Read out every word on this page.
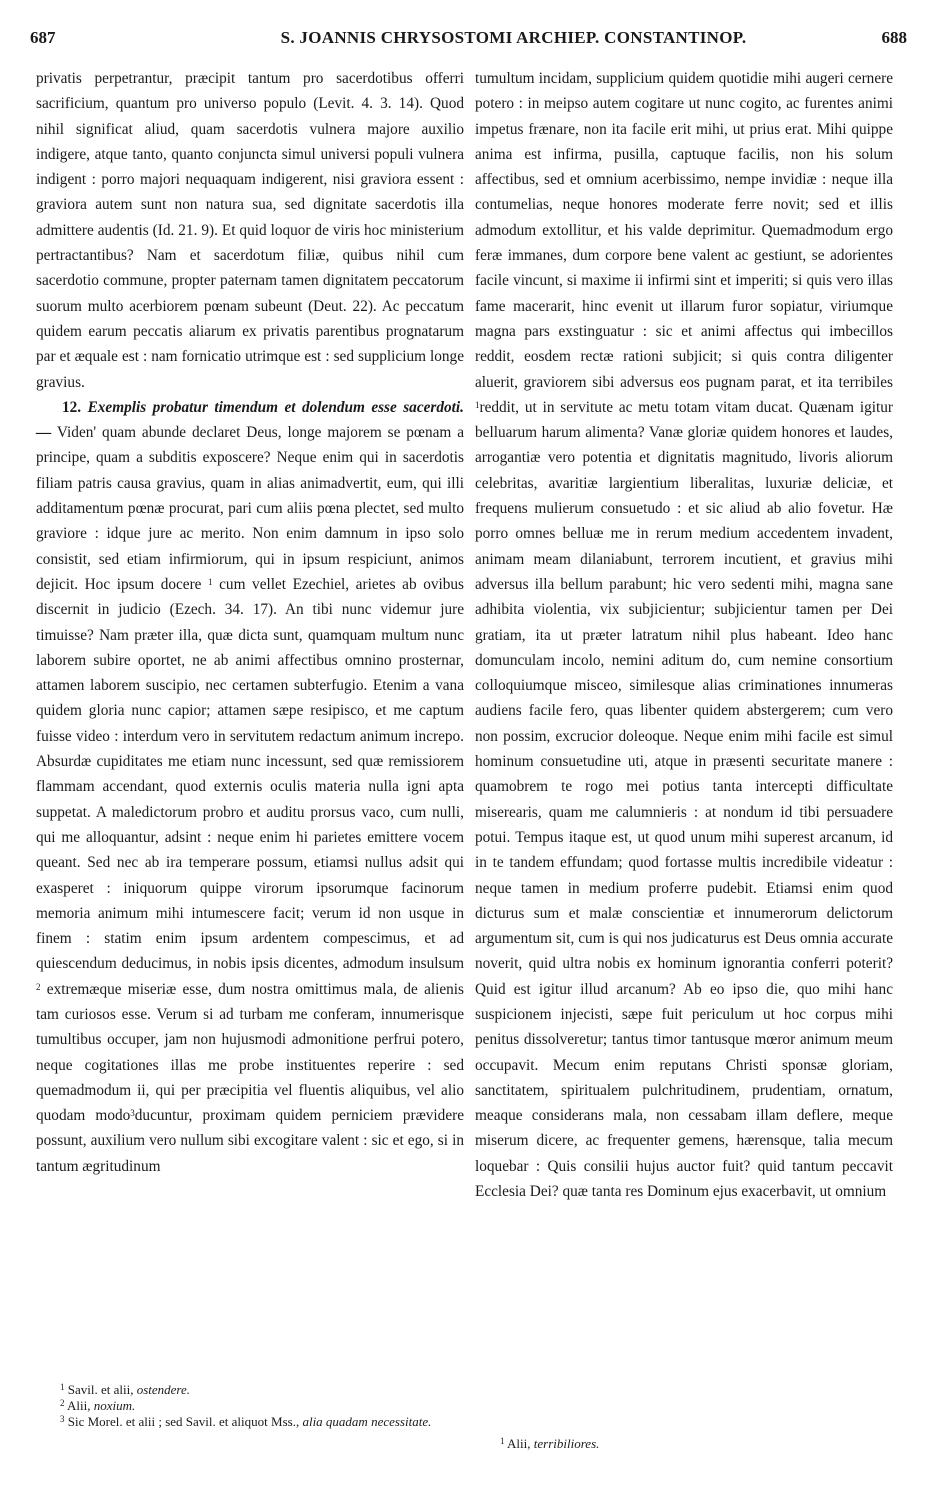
687	S. JOANNIS CHRYSOSTOMI ARCHIEP. CONSTANTINOP.	688

privatis perpetrantur, præcipit tantum pro sacerdotibus offerri sacrificium, quantum pro universo populo (Levit. 4. 3. 14). Quod nihil significat aliud, quam sacerdotis vulnera majore auxilio indigere, atque tanto, quanto conjuncta simul universi populi vulnera indigent : porro majori nequaquam indigerent, nisi graviora essent : graviora autem sunt non natura sua, sed dignitate sacerdotis illa admittere audentis (Id. 21. 9). Et quid loquor de viris hoc ministerium pertractantibus? Nam et sacerdotum filiæ, quibus nihil cum sacerdotio commune, propter paternam tamen dignitatem peccatorum suorum multo acerbiorem pœnam subeunt (Deut. 22). Ac peccatum quidem earum peccatis aliarum ex privatis parentibus prognatarum par et æquale est : nam fornicatio utrimque est : sed supplicium longe gravius.

12. Exemplis probatur timendum et dolendum esse sacerdoti. — Viden' quam abunde declaret Deus, longe majorem se pœnam a principe, quam a subditis exposcere? Neque enim qui in sacerdotis filiam patris causa gravius, quam in alias animadvertit, eum, qui illi additamentum pœnæ procurat, pari cum aliis pœna plectet, sed multo graviore : idque jure ac merito. Non enim damnum in ipso solo consistit, sed etiam infirmiorum, qui in ipsum respiciunt, animos dejicit. Hoc ipsum docere $^1$ cum vellet Ezechiel, arietes ab ovibus discernit in judicio (Ezech. 34. 17). An tibi nunc videmur jure timuisse? Nam præter illa, quæ dicta sunt, quamquam multum nunc laborem subire oportet, ne ab animi affectibus omnino prosternar, attamen laborem suscipio, nec certamen subterfugio. Etenim a vana quidem gloria nunc capior; attamen sæpe resipisco, et me captum fuisse video : interdum vero in servitutem redactum animum increpo. Absurdæ cupiditates me etiam nunc incessunt, sed quæ remissiorem flammam accendant, quod externis oculis materia nulla igni apta suppetat. A maledictorum probro et auditu prorsus vaco, cum nulli, qui me alloquantur, adsint : neque enim hi parietes emittere vocem queant. Sed nec ab ira temperare possum, etiamsi nullus adsit qui exasperet : iniquorum quippe virorum ipsorumque facinorum memoria animum mihi intumescere facit; verum id non usque in finem : statim enim ipsum ardentem compescimus, et ad quiescendum deducimus, in nobis ipsis dicentes, admodum insulsum $^2$ extremæque miseriæ esse, dum nostra omittimus mala, de alienis tam curiosos esse. Verum si ad turbam me conferam, innumerisque tumultibus occuper, jam non hujusmodi admonitione perfrui potero, neque cogitationes illas me probe instituentes reperire : sed quemadmodum ii, qui per præcipitia vel fluentis aliquibus, vel alio quodam modo$^3$ducuntur, proximam quidem perniciem prævidere possunt, auxilium vero nullum sibi excogitare valent : sic et ego, si in tantum ægritudinum

tumultum incidam, supplicium quidem quotidie mihi augeri cernere potero : in meipso autem cogitare ut nunc cogito, ac furentes animi impetus frænare, non ita facile erit mihi, ut prius erat. Mihi quippe anima est infirma, pusilla, captuque facilis, non his solum affectibus, sed et omnium acerbissimo, nempe invidiæ : neque illa contumelias, neque honores moderate ferre novit; sed et illis admodum extollitur, et his valde deprimitur. Quemadmodum ergo feræ immanes, dum corpore bene valent ac gestiunt, se adorientes facile vincunt, si maxime ii infirmi sint et imperiti; si quis vero illas fame macerarit, hinc evenit ut illarum furor sopiatur, viriumque magna pars exstinguatur : sic et animi affectus qui imbecillos reddit, eosdem rectæ rationi subjicit; si quis contra diligenter aluerit, graviorem sibi adversus eos pugnam parat, et ita terribiles $^1$reddit, ut in servitute ac metu totam vitam ducat. Quænam igitur belluarum harum alimenta? Vanæ gloriæ quidem honores et laudes, arrogantiæ vero potentia et dignitatis magnitudo, livoris aliorum celebritas, avaritiæ largientium liberalitas, luxuriæ deliciæ, et frequens mulierum consuetudo : et sic aliud ab alio fovetur. Hæ porro omnes belluæ me in rerum medium accedentem invadent, animam meam dilaniabunt, terrorem incutient, et gravius mihi adversus illa bellum parabunt; hic vero sedenti mihi, magna sane adhibita violentia, vix subjicientur; subjicientur tamen per Dei gratiam, ita ut præter latratum nihil plus habeant. Ideo hanc domunculam incolo, nemini aditum do, cum nemine consortium colloquiumque misceo, similesque alias criminationes innumeras audiens facile fero, quas libenter quidem abstergerem; cum vero non possim, excrucior doleoque. Neque enim mihi facile est simul hominum consuetudine uti, atque in præsenti securitate manere : quamobrem te rogo mei potius tanta intercepti difficultate miserearis, quam me calumnieris : at nondum id tibi persuadere potui. Tempus itaque est, ut quod unum mihi superest arcanum, id in te tandem effundam; quod fortasse multis incredibile videatur : neque tamen in medium proferre pudebit. Etiamsi enim quod dicturus sum et malæ conscientiæ et innumerorum delictorum argumentum sit, cum is qui nos judicaturus est Deus omnia accurate noverit, quid ultra nobis ex hominum ignorantia conferri poterit? Quid est igitur illud arcanum? Ab eo ipso die, quo mihi hanc suspicionem injecisti, sæpe fuit periculum ut hoc corpus mihi penitus dissolveretur; tantus timor tantusque mœror animum meum occupavit. Mecum enim reputans Christi sponsæ gloriam, sanctitatem, spiritualem pulchritudinem, prudentiam, ornatum, meaque considerans mala, non cessabam illam deflere, meque miserum dicere, ac frequenter gemens, hærensque, talia mecum loquebar : Quis consilii hujus auctor fuit? quid tantum peccavit Ecclesia Dei? quæ tanta res Dominum ejus exacerbavit, ut omnium

$^1$ Savil. et alii, ostendere.
$^2$ Alii, noxium.
$^3$ Sic Morel. et alii ; sed Savil. et aliquot Mss., alia quadam necessitate.
$^1$ Alii, terribiliores.
